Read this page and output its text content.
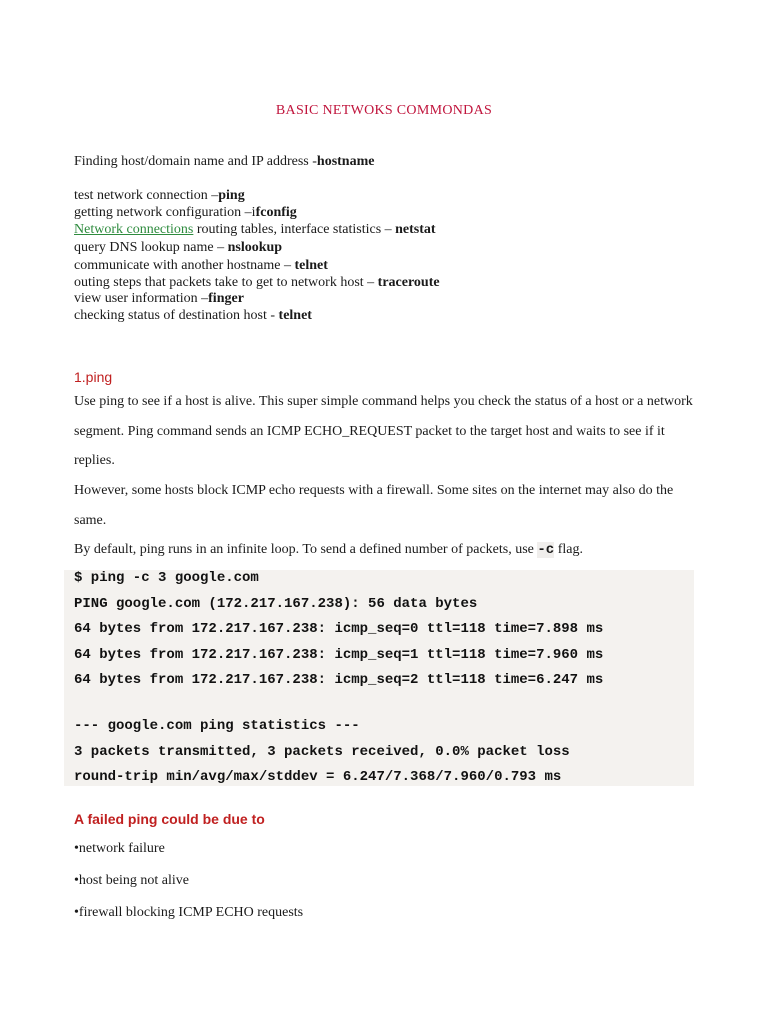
BASIC NETWOKS COMMONDAS
Finding host/domain name and IP address -hostname
test network connection –ping
getting network configuration –ifconfig
Network connections routing tables, interface statistics – netstat
query DNS lookup name – nslookup
communicate with another hostname – telnet
outing steps that packets take to get to network host – traceroute
view user information –finger
checking status of destination host - telnet
1.ping
Use ping to see if a host is alive. This super simple command helps you check the status of a host or a network segment. Ping command sends an ICMP ECHO_REQUEST packet to the target host and waits to see if it replies.
However, some hosts block ICMP echo requests with a firewall. Some sites on the internet may also do the same.
By default, ping runs in an infinite loop. To send a defined number of packets, use -c flag.
$ ping -c 3 google.com
PING google.com (172.217.167.238): 56 data bytes
64 bytes from 172.217.167.238: icmp_seq=0 ttl=118 time=7.898 ms
64 bytes from 172.217.167.238: icmp_seq=1 ttl=118 time=7.960 ms
64 bytes from 172.217.167.238: icmp_seq=2 ttl=118 time=6.247 ms
--- google.com ping statistics ---
3 packets transmitted, 3 packets received, 0.0% packet loss
round-trip min/avg/max/stddev = 6.247/7.368/7.960/0.793 ms
A failed ping could be due to
•network failure
•host being not alive
•firewall blocking ICMP ECHO requests
